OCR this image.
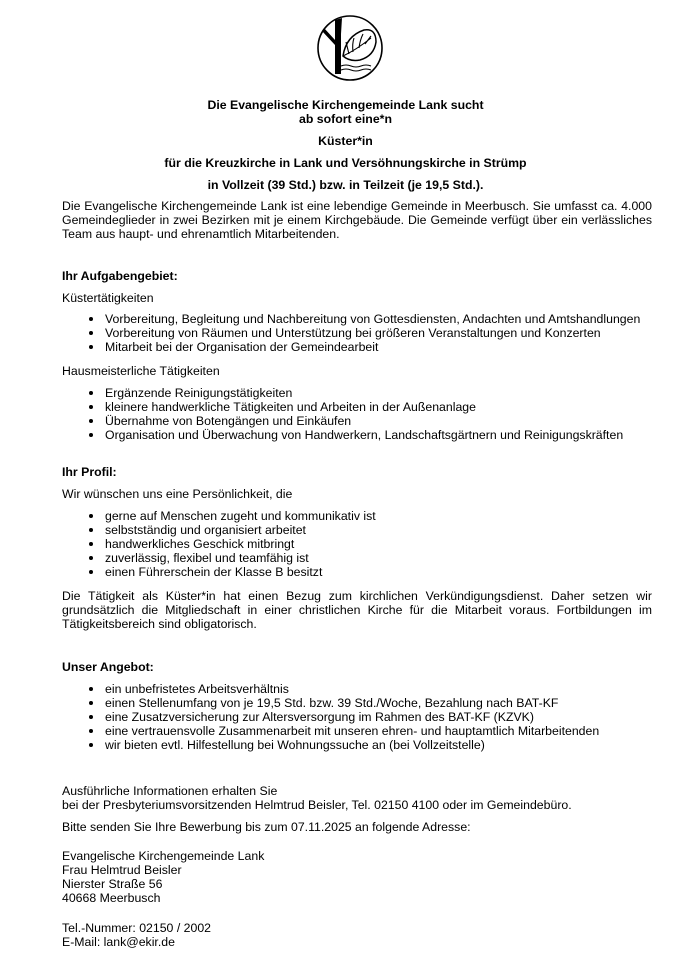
Die Evangelische Kirchengemeinde Lank sucht
ab sofort eine*n
Küster*in
für die Kreuzkirche in Lank und Versöhnungskirche in Strümp
in Vollzeit (39 Std.) bzw. in Teilzeit (je 19,5 Std.).
Die Evangelische Kirchengemeinde Lank ist eine lebendige Gemeinde in Meerbusch. Sie umfasst ca. 4.000 Gemeindeglieder in zwei Bezirken mit je einem Kirchgebäude. Die Gemeinde verfügt über ein verlässliches Team aus haupt- und ehrenamtlich Mitarbeitenden.
Ihr Aufgabengebiet:
Küstertätigkeiten
Vorbereitung, Begleitung und Nachbereitung von Gottesdiensten, Andachten und Amtshandlungen
Vorbereitung von Räumen und Unterstützung bei größeren Veranstaltungen und Konzerten
Mitarbeit bei der Organisation der Gemeindearbeit
Hausmeisterliche Tätigkeiten
Ergänzende Reinigungstätigkeiten
kleinere handwerkliche Tätigkeiten und Arbeiten in der Außenanlage
Übernahme von Botengängen und Einkäufen
Organisation und Überwachung von Handwerkern, Landschaftsgärtnern und Reinigungskräften
Ihr Profil:
Wir wünschen uns eine Persönlichkeit, die
gerne auf Menschen zugeht und kommunikativ ist
selbstständig und organisiert arbeitet
handwerkliches Geschick mitbringt
zuverlässig, flexibel und teamfähig ist
einen Führerschein der Klasse B besitzt
Die Tätigkeit als Küster*in hat einen Bezug zum kirchlichen Verkündigungsdienst. Daher setzen wir grundsätzlich die Mitgliedschaft in einer christlichen Kirche für die Mitarbeit voraus. Fortbildungen im Tätigkeitsbereich sind obligatorisch.
Unser Angebot:
ein unbefristetes Arbeitsverhältnis
einen Stellenumfang von je 19,5 Std. bzw. 39 Std./Woche, Bezahlung nach BAT-KF
eine Zusatzversicherung zur Altersversorgung im Rahmen des BAT-KF (KZVK)
eine vertrauensvolle Zusammenarbeit mit unseren ehren- und hauptamtlich Mitarbeitenden
wir bieten evtl. Hilfestellung bei Wohnungssuche an (bei Vollzeitstelle)
Ausführliche Informationen erhalten Sie
bei der Presbyteriumsvorsitzenden Helmtrud Beisler, Tel. 02150 4100 oder im Gemeindebüro.
Bitte senden Sie Ihre Bewerbung bis zum 07.11.2025 an folgende Adresse:
Evangelische Kirchengemeinde Lank
Frau Helmtrud Beisler
Nierster Straße 56
40668 Meerbusch
Tel.-Nummer: 02150 / 2002
E-Mail: lank@ekir.de
